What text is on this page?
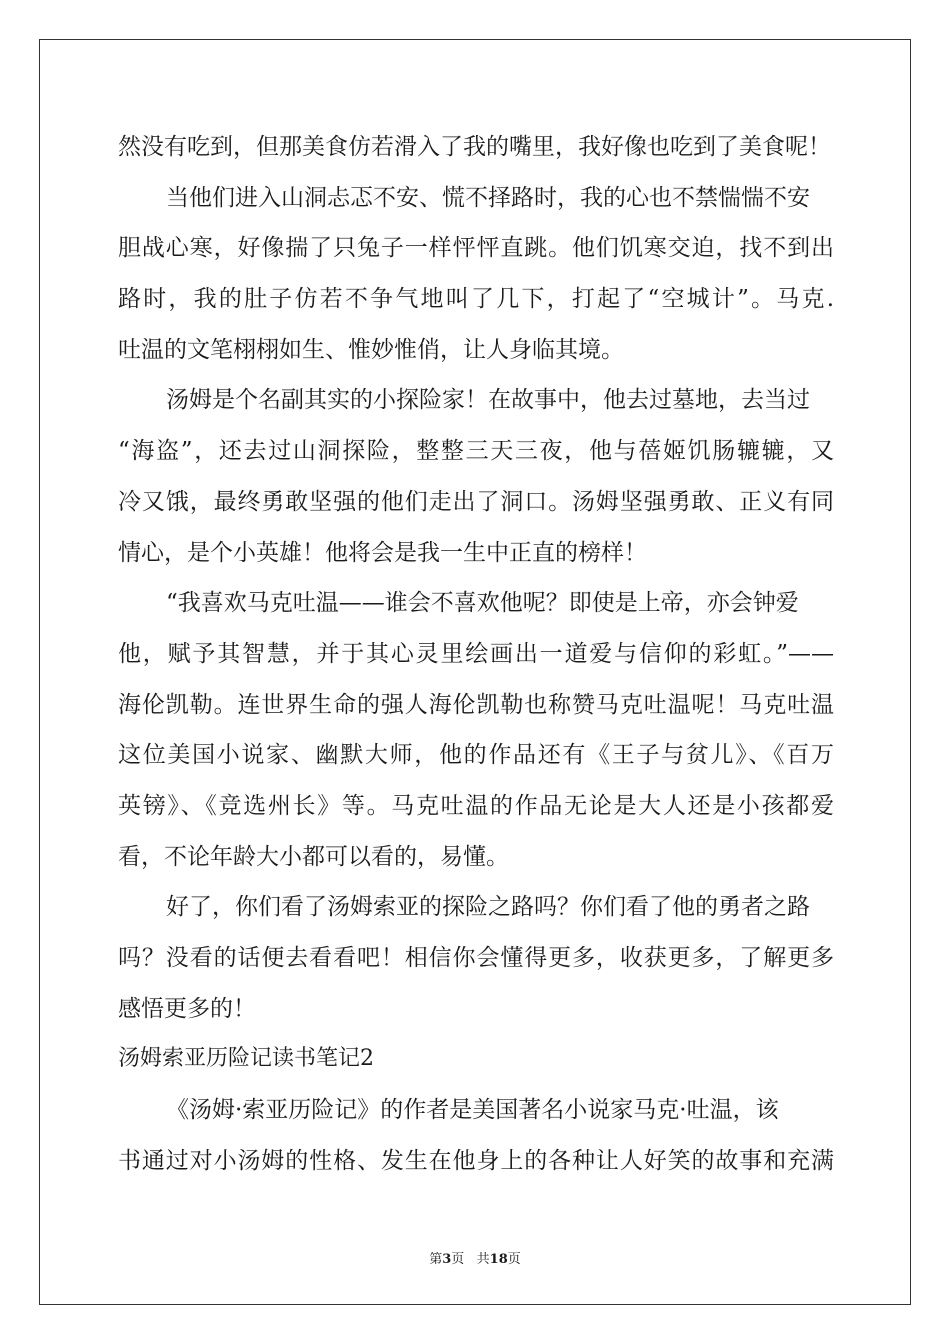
然没有吃到，但那美食仿若滑入了我的嘴里，我好像也吃到了美食呢！
当他们进入山洞忐忑不安、慌不择路时，我的心也不禁惴惴不安
胆战心寒，好像揣了只兔子一样怦怦直跳。他们饥寒交迫，找不到出
路时，我的肚子仿若不争气地叫了几下，打起了“空城计”。马克.
吐温的文笔栩栩如生、惟妙惟俏，让人身临其境。
汤姆是个名副其实的小探险家！在故事中，他去过墓地，去当过
“海盗”，还去过山洞探险，整整三天三夜，他与蓓姬饥肠辘辘，又
冷又饿，最终勇敢坚强的他们走出了洞口。汤姆坚强勇敢、正义有同
情心，是个小英雄！他将会是我一生中正直的榜样！
“我喜欢马克吐温——谁会不喜欢他呢？即使是上帝，亦会钟爱
他，赋予其智慧，并于其心灵里绘画出一道爱与信仰的彩虹。”——
海伦凯勒。连世界生命的强人海伦凯勒也称赞马克吐温呢！马克吐温
这位美国小说家、幽默大师，他的作品还有《王子与贫儿》、《百万
英镑》、《竞选州长》等。马克吐温的作品无论是大人还是小孩都爱
看，不论年龄大小都可以看的，易懂。
好了，你们看了汤姆索亚的探险之路吗？你们看了他的勇者之路
吗？没看的话便去看看吧！相信你会懂得更多，收获更多，了解更多
感悟更多的！
汤姆索亚历险记读书笔记2
《汤姆·索亚历险记》的作者是美国著名小说家马克·吐温，该
书通过对小汤姆的性格、发生在他身上的各种让人好笑的故事和充满
第3页   共18页
